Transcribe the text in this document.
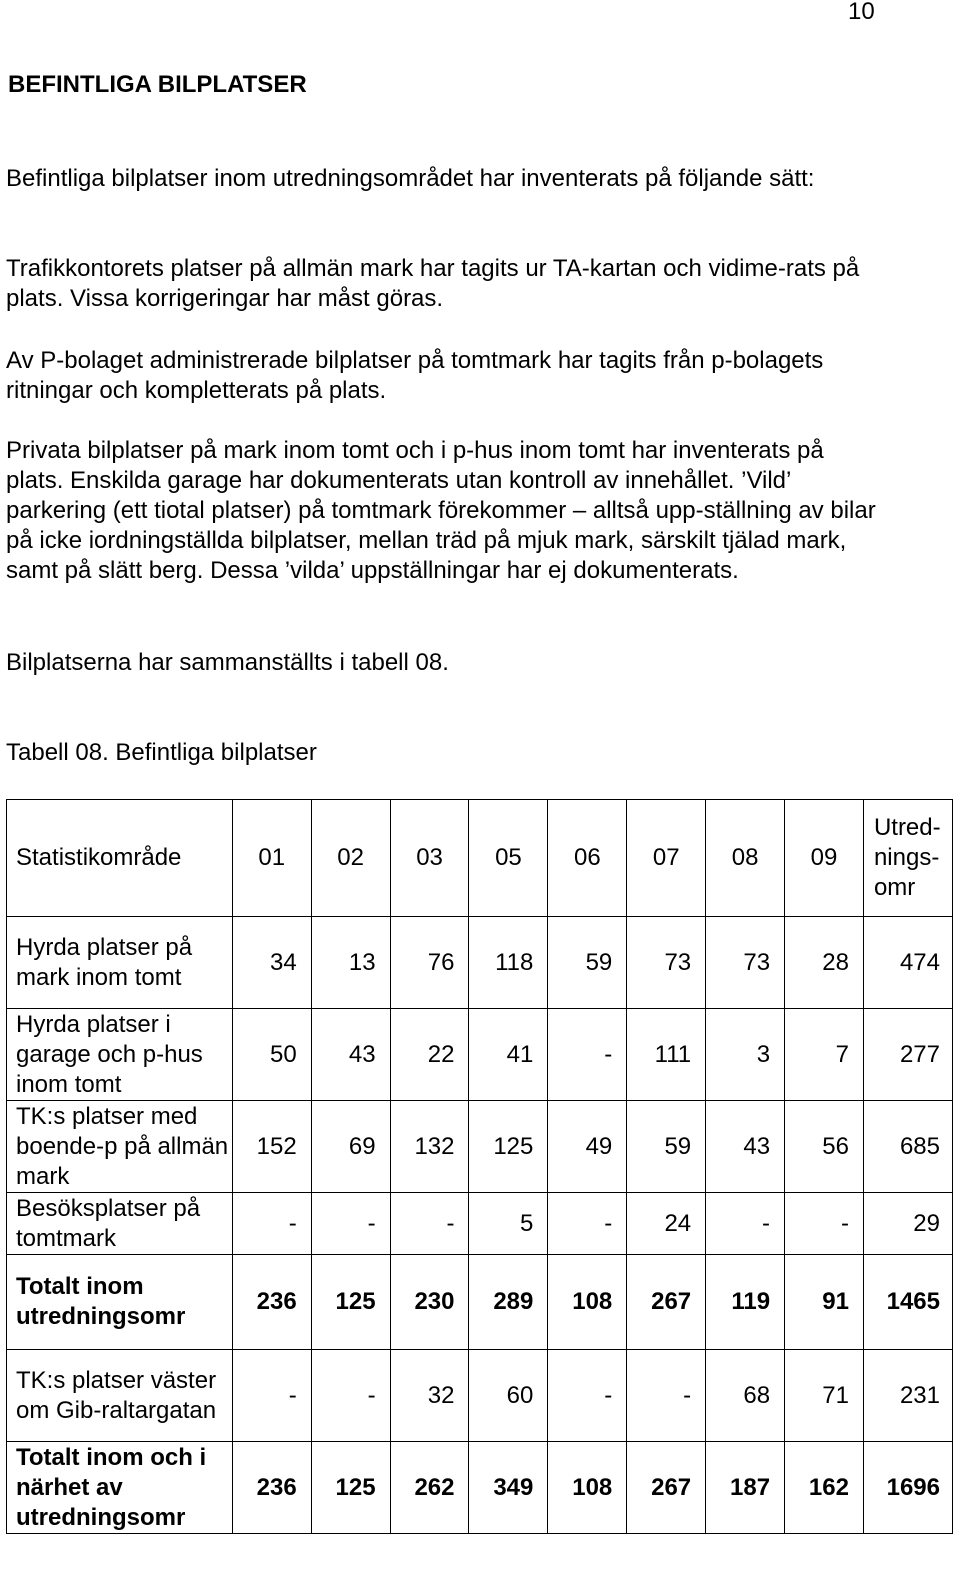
10
BEFINTLIGA BILPLATSER

Befintliga bilplatser inom utredningsområdet har inventerats på följande sätt:

Trafikkontorets platser på allmän mark har tagits ur TA-kartan och vidime-rats på plats. Vissa korrigeringar har måst göras.

Av P-bolaget administrerade bilplatser på tomtmark har tagits från p-bolagets ritningar och kompletterats på plats.

Privata bilplatser på mark inom tomt och i p-hus inom tomt har inventerats på plats. Enskilda garage har dokumenterats utan kontroll av innehållet. ’Vild’ parkering (ett tiotal platser) på tomtmark förekommer – alltså upp-ställning av bilar på icke iordningställda bilplatser, mellan träd på mjuk mark, särskilt tjälad mark, samt på slätt berg. Dessa ’vilda’ uppställningar har ej dokumenterats.

Bilplatserna har sammanställts i tabell 08.

Tabell 08. Befintliga bilplatser

Statistikområde	01	02	03	05	06	07	08	09	Utred-nings-omr
Hyrda platser på mark inom tomt	34	13	76	118	59	73	73	28	474
Hyrda platser i garage och p-hus inom tomt	50	43	22	41	-	111	3	7	277
TK:s platser med boende-p på allmän mark	152	69	132	125	49	59	43	56	685
Besöksplatser på tomtmark	-	-	-	5	-	24	-	-	29
Totalt inom utredningsomr	236	125	230	289	108	267	119	91	1465
TK:s platser väster om Gib-raltargatan	-	-	32	60	-	-	68	71	231
Totalt inom och i närhet av utredningsomr	236	125	262	349	108	267	187	162	1696
